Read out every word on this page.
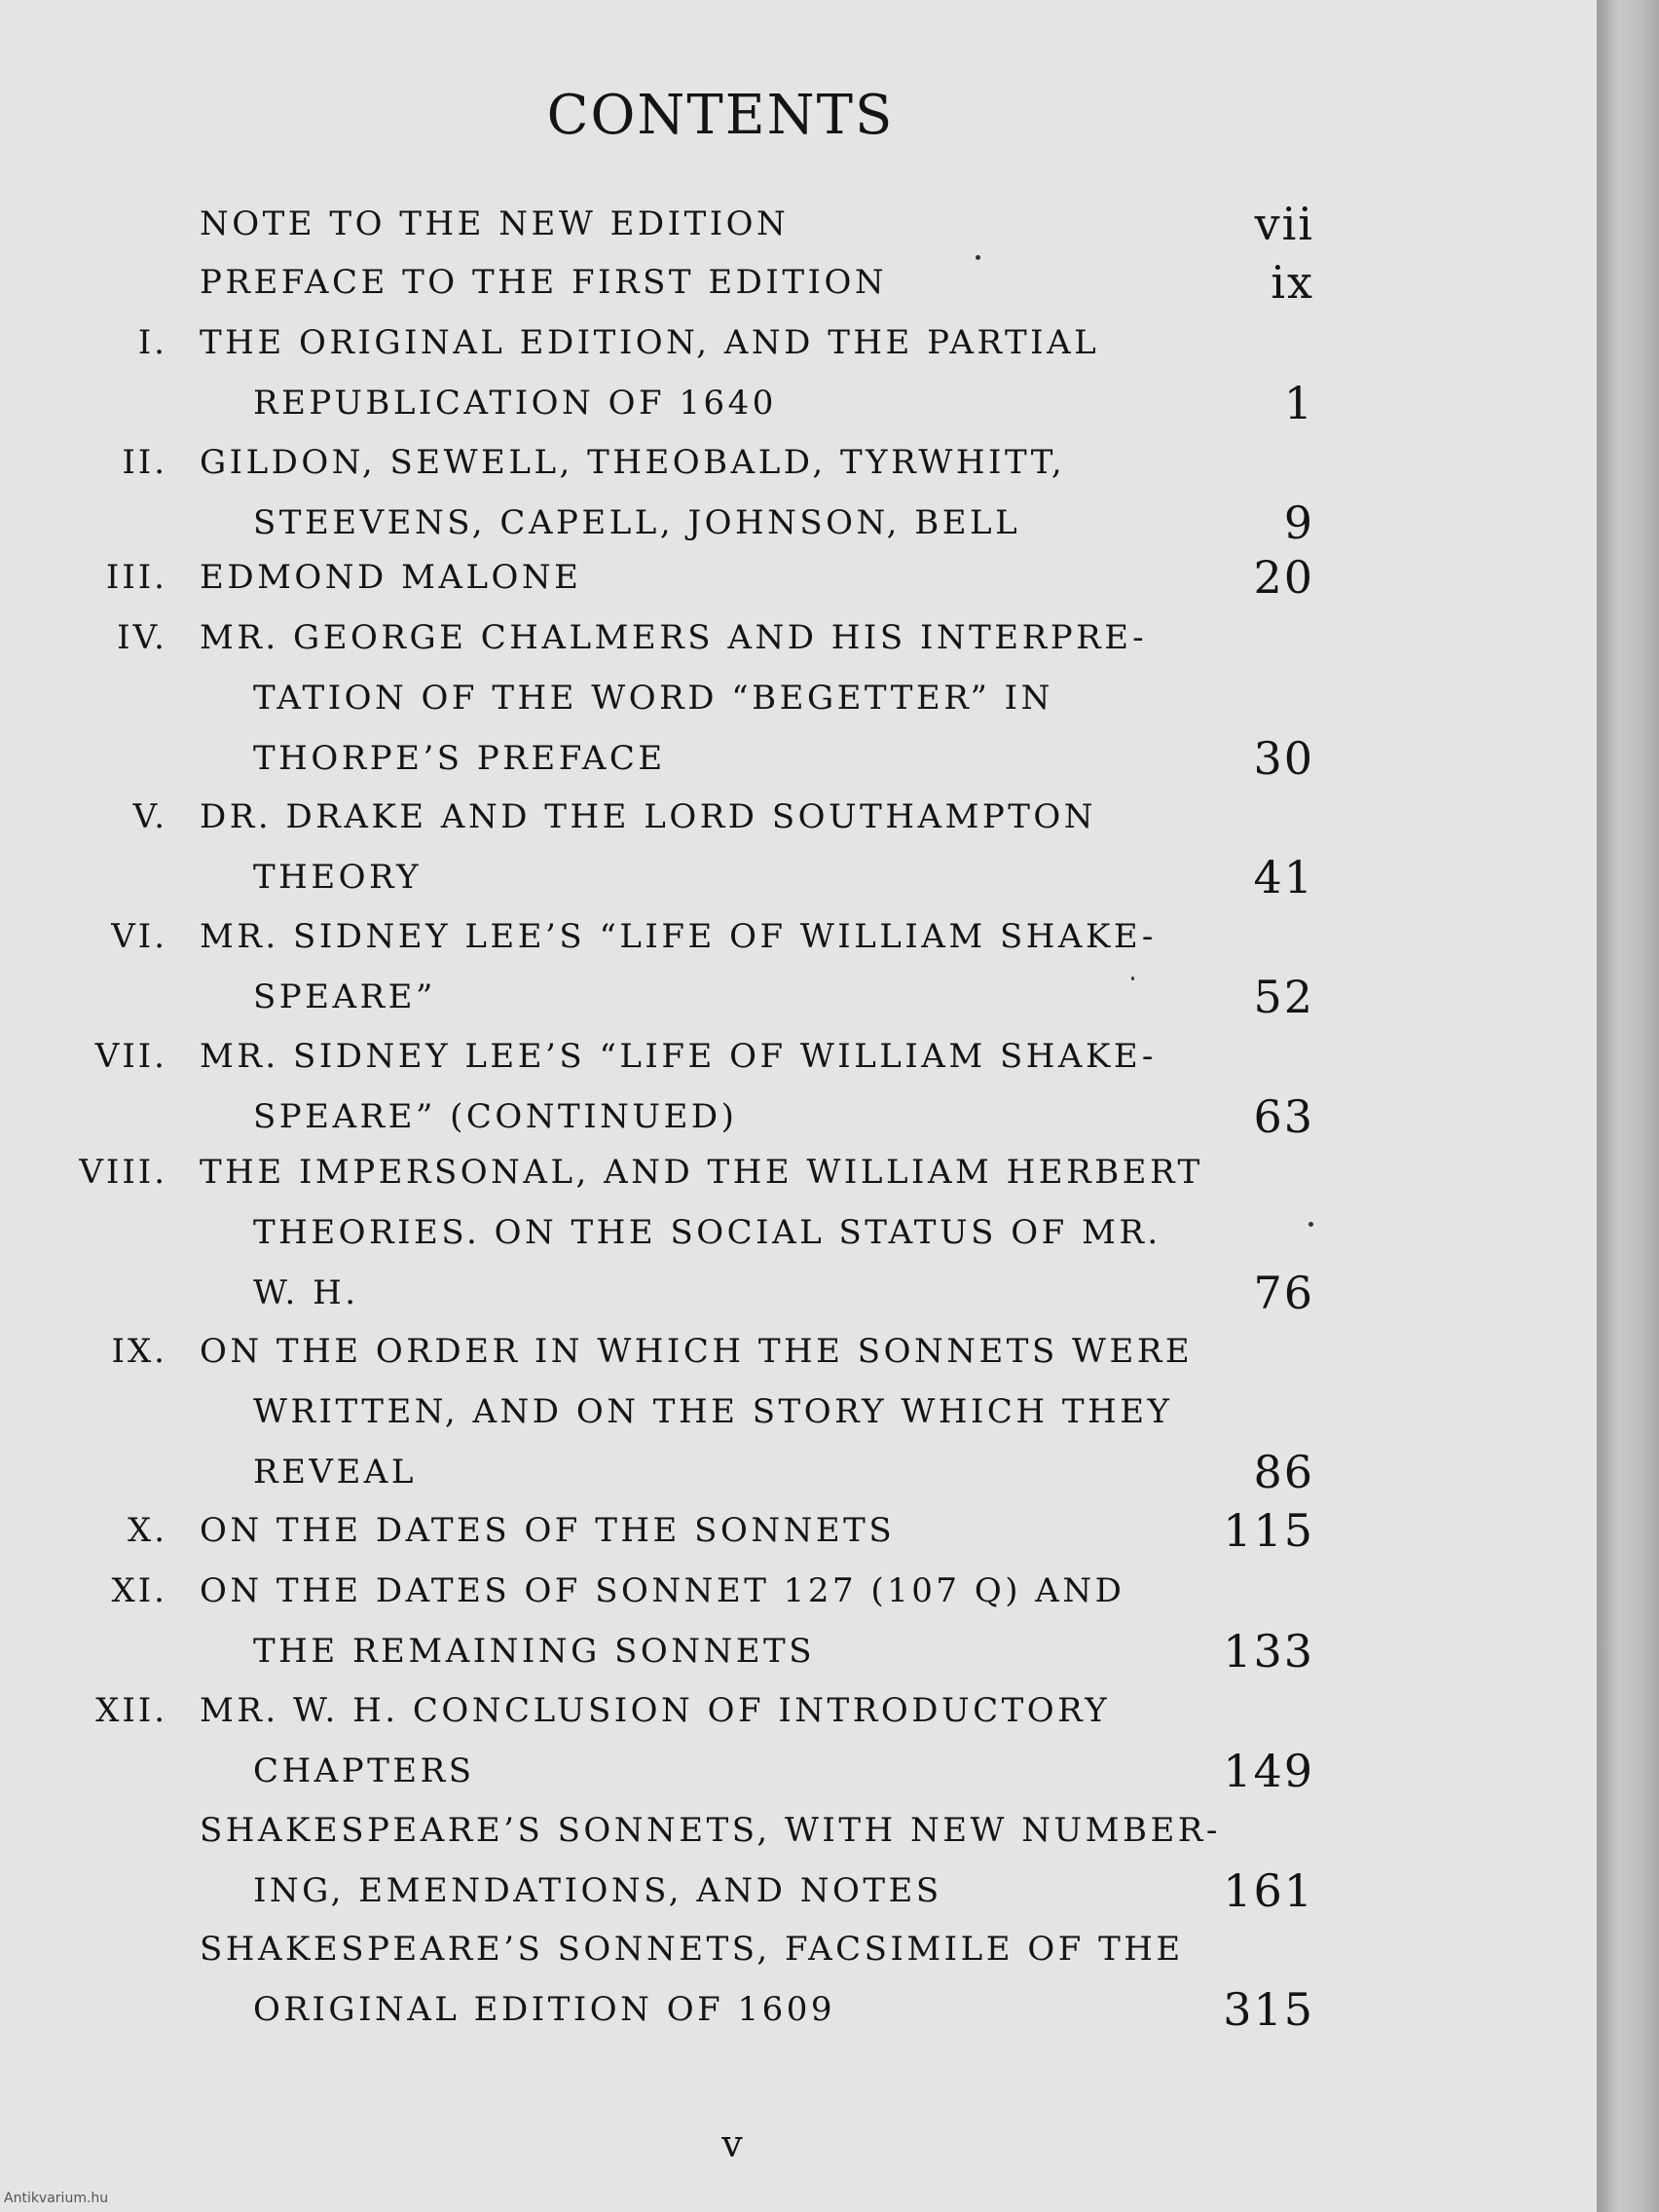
CONTENTS
NOTE TO THE NEW EDITION	vii
PREFACE TO THE FIRST EDITION	ix
I. THE ORIGINAL EDITION, AND THE PARTIAL
REPUBLICATION OF 1640	1
II. GILDON, SEWELL, THEOBALD, TYRWHITT,
STEEVENS, CAPELL, JOHNSON, BELL	9
III. EDMOND MALONE	20
IV. MR. GEORGE CHALMERS AND HIS INTERPRE-
TATION OF THE WORD “BEGETTER” IN
THORPE’S PREFACE	30
V. DR. DRAKE AND THE LORD SOUTHAMPTON
THEORY	41
VI. MR. SIDNEY LEE’S “LIFE OF WILLIAM SHAKE-
SPEARE”	52
VII. MR. SIDNEY LEE’S “LIFE OF WILLIAM SHAKE-
SPEARE” (CONTINUED)	63
VIII. THE IMPERSONAL, AND THE WILLIAM HERBERT
THEORIES. ON THE SOCIAL STATUS OF MR.
W. H.	76
IX. ON THE ORDER IN WHICH THE SONNETS WERE
WRITTEN, AND ON THE STORY WHICH THEY
REVEAL	86
X. ON THE DATES OF THE SONNETS	115
XI. ON THE DATES OF SONNET 127 (107 Q) AND
THE REMAINING SONNETS	133
XII. MR. W. H. CONCLUSION OF INTRODUCTORY
CHAPTERS	149
SHAKESPEARE’S SONNETS, WITH NEW NUMBER-
ING, EMENDATIONS, AND NOTES	161
SHAKESPEARE’S SONNETS, FACSIMILE OF THE
ORIGINAL EDITION OF 1609	315
v
Antikvarium.hu
